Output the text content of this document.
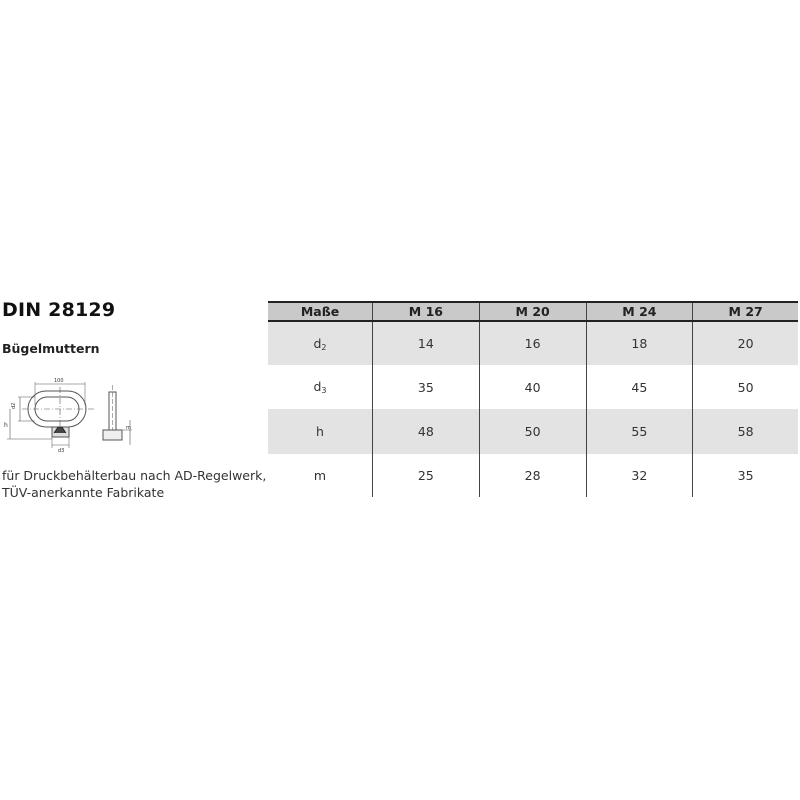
DIN 28129
Bügelmuttern
100
d2
h
d3
m
für Druckbehälterbau nach AD-Regelwerk,
TÜV-anerkannte Fabrikate
Maße	M 16	M 20	M 24	M 27
$d_2$	14	16	18	20
$d_3$	35	40	45	50
h	48	50	55	58
m	25	28	32	35
